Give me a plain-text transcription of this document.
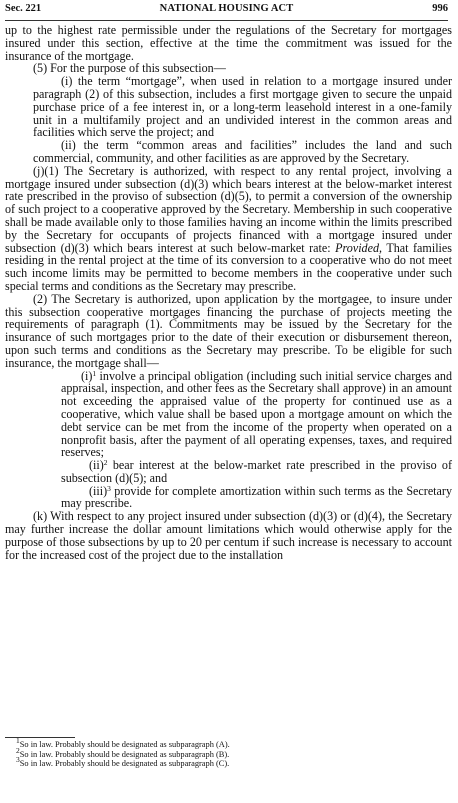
Sec. 221	NATIONAL HOUSING ACT	996

up to the highest rate permissible under the regulations of the Secretary for mortgages insured under this section, effective at the time the commitment was issued for the insurance of the mortgage.

(5) For the purpose of this subsection—

(i) the term “mortgage”, when used in relation to a mortgage insured under paragraph (2) of this subsection, includes a first mortgage given to secure the unpaid purchase price of a fee interest in, or a long-term leasehold interest in a one-family unit in a multifamily project and an undivided interest in the common areas and facilities which serve the project; and

(ii) the term “common areas and facilities” includes the land and such commercial, community, and other facilities as are approved by the Secretary.

(j)(1) The Secretary is authorized, with respect to any rental project, involving a mortgage insured under subsection (d)(3) which bears interest at the below-market interest rate prescribed in the proviso of subsection (d)(5), to permit a conversion of the ownership of such project to a cooperative approved by the Secretary. Membership in such cooperative shall be made available only to those families having an income within the limits prescribed by the Secretary for occupants of projects financed with a mortgage insured under subsection (d)(3) which bears interest at such below-market rate: Provided, That families residing in the rental project at the time of its conversion to a cooperative who do not meet such income limits may be permitted to become members in the cooperative under such special terms and conditions as the Secretary may prescribe.

(2) The Secretary is authorized, upon application by the mortgagee, to insure under this subsection cooperative mortgages financing the purchase of projects meeting the requirements of paragraph (1). Commitments may be issued by the Secretary for the insurance of such mortgages prior to the date of their execution or disbursement thereon, upon such terms and conditions as the Secretary may prescribe. To be eligible for such insurance, the mortgage shall—

$(i)^1$ involve a principal obligation (including such initial service charges and appraisal, inspection, and other fees as the Secretary shall approve) in an amount not exceeding the appraised value of the property for continued use as a cooperative, which value shall be based upon a mortgage amount on which the debt service can be met from the income of the property when operated on a nonprofit basis, after the payment of all operating expenses, taxes, and required reserves;

(ii)$^2$ bear interest at the below-market rate prescribed in the proviso of subsection (d)(5); and

(iii)$^3$ provide for complete amortization within such terms as the Secretary may prescribe.

(k) With respect to any project insured under subsection (d)(3) or (d)(4), the Secretary may further increase the dollar amount limitations which would otherwise apply for the purpose of those subsections by up to 20 per centum if such increase is necessary to account for the increased cost of the project due to the installation

$^1$So in law. Probably should be designated as subparagraph (A).

$^2$So in law. Probably should be designated as subparagraph (B).

$^3$So in law. Probably should be designated as subparagraph (C).
